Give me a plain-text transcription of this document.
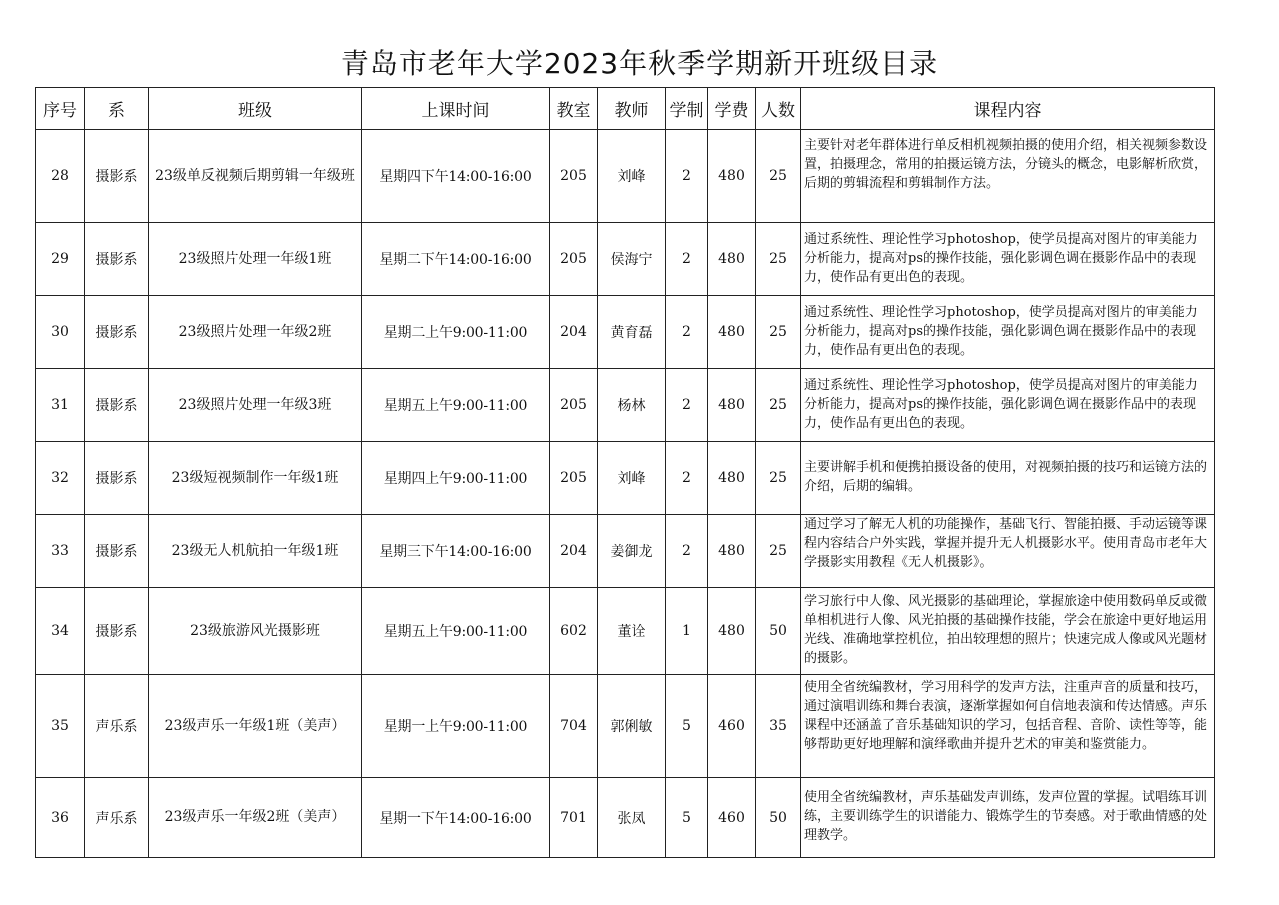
青岛市老年大学2023年秋季学期新开班级目录
序号	系	班级	上课时间	教室	教师	学制	学费	人数	课程内容
28	摄影系	23级单反视频后期剪辑一年级班	星期四下午14:00-16:00	205	刘峰	2	480	25	主要针对老年群体进行单反相机视频拍摄的使用介绍，相关视频参数设置，拍摄理念，常用的拍摄运镜方法，分镜头的概念，电影解析欣赏，后期的剪辑流程和剪辑制作方法。

29	摄影系	23级照片处理一年级1班	星期二下午14:00-16:00	205	侯海宁	2	480	25	通过系统性、理论性学习photoshop，使学员提高对图片的审美能力分析能力，提高对ps的操作技能，强化影调色调在摄影作品中的表现力，使作品有更出色的表现。

30	摄影系	23级照片处理一年级2班	星期二上午9:00-11:00	204	黄育磊	2	480	25	通过系统性、理论性学习photoshop，使学员提高对图片的审美能力分析能力，提高对ps的操作技能，强化影调色调在摄影作品中的表现力，使作品有更出色的表现。

31	摄影系	23级照片处理一年级3班	星期五上午9:00-11:00	205	杨林	2	480	25	通过系统性、理论性学习photoshop，使学员提高对图片的审美能力分析能力，提高对ps的操作技能，强化影调色调在摄影作品中的表现力，使作品有更出色的表现。

32	摄影系	23级短视频制作一年级1班	星期四上午9:00-11:00	205	刘峰	2	480	25	主要讲解手机和便携拍摄设备的使用，对视频拍摄的技巧和运镜方法的介绍，后期的编辑。

33	摄影系	23级无人机航拍一年级1班	星期三下午14:00-16:00	204	姜御龙	2	480	25	通过学习了解无人机的功能操作，基础飞行、智能拍摄、手动运镜等课程内容结合户外实践，掌握并提升无人机摄影水平。使用青岛市老年大学摄影实用教程《无人机摄影》。

34	摄影系	23级旅游风光摄影班	星期五上午9:00-11:00	602	董诠	1	480	50	学习旅行中人像、风光摄影的基础理论，掌握旅途中使用数码单反或微单相机进行人像、风光拍摄的基础操作技能，学会在旅途中更好地运用光线、准确地掌控机位，拍出较理想的照片；快速完成人像或风光题材的摄影。

35	声乐系	23级声乐一年级1班（美声）	星期一上午9:00-11:00	704	郭俐敏	5	460	35	使用全省统编教材，学习用科学的发声方法，注重声音的质量和技巧，通过演唱训练和舞台表演，逐渐掌握如何自信地表演和传达情感。声乐课程中还涵盖了音乐基础知识的学习，包括音程、音阶、读性等等，能够帮助更好地理解和演绎歌曲并提升艺术的审美和鉴赏能力。

36	声乐系	23级声乐一年级2班（美声）	星期一下午14:00-16:00	701	张凤	5	460	50	使用全省统编教材，声乐基础发声训练，发声位置的掌握。试唱练耳训练，主要训练学生的识谱能力、锻炼学生的节奏感。对于歌曲情感的处理教学。
